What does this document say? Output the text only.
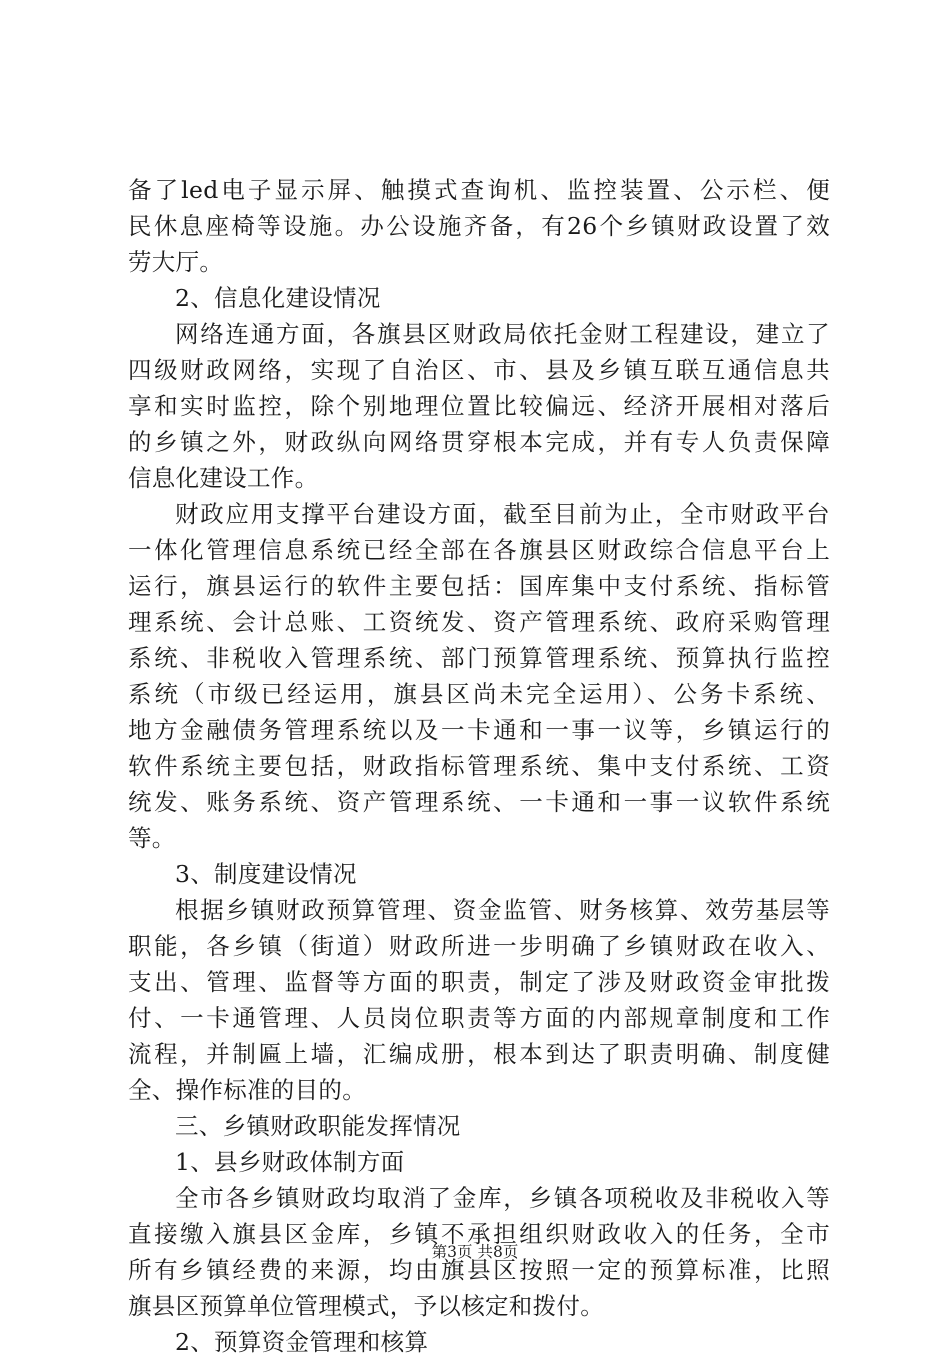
备了led电子显示屏、触摸式查询机、监控装置、公示栏、便
民休息座椅等设施。办公设施齐备，有26个乡镇财政设置了效
劳大厅。
2、信息化建设情况
网络连通方面，各旗县区财政局依托金财工程建设，建立了
四级财政网络，实现了自治区、市、县及乡镇互联互通信息共
享和实时监控，除个别地理位置比较偏远、经济开展相对落后
的乡镇之外，财政纵向网络贯穿根本完成，并有专人负责保障
信息化建设工作。
财政应用支撑平台建设方面，截至目前为止，全市财政平台
一体化管理信息系统已经全部在各旗县区财政综合信息平台上
运行，旗县运行的软件主要包括：国库集中支付系统、指标管
理系统、会计总账、工资统发、资产管理系统、政府采购管理
系统、非税收入管理系统、部门预算管理系统、预算执行监控
系统（市级已经运用，旗县区尚未完全运用）、公务卡系统、
地方金融债务管理系统以及一卡通和一事一议等，乡镇运行的
软件系统主要包括，财政指标管理系统、集中支付系统、工资
统发、账务系统、资产管理系统、一卡通和一事一议软件系统
等。
3、制度建设情况
根据乡镇财政预算管理、资金监管、财务核算、效劳基层等
职能，各乡镇（街道）财政所进一步明确了乡镇财政在收入、
支出、管理、监督等方面的职责，制定了涉及财政资金审批拨
付、一卡通管理、人员岗位职责等方面的内部规章制度和工作
流程，并制匾上墙，汇编成册，根本到达了职责明确、制度健
全、操作标准的目的。
三、乡镇财政职能发挥情况
1、县乡财政体制方面
全市各乡镇财政均取消了金库，乡镇各项税收及非税收入等
直接缴入旗县区金库，乡镇不承担组织财政收入的任务，全市
所有乡镇经费的来源，均由旗县区按照一定的预算标准，比照
旗县区预算单位管理模式，予以核定和拨付。
2、预算资金管理和核算
第3页 共8页
